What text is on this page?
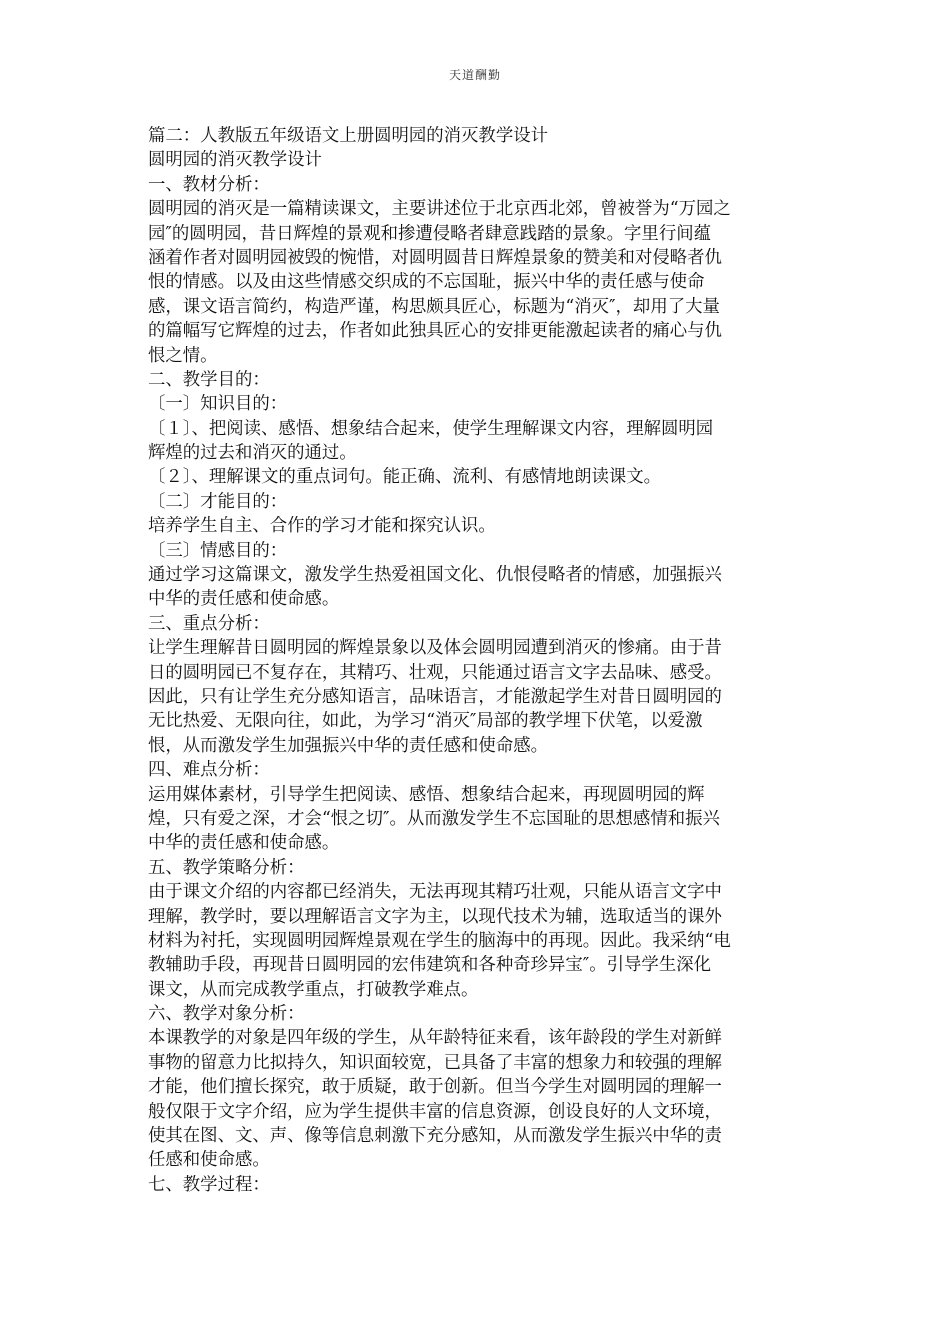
天道酬勤
篇二：人教版五年级语文上册圆明园的消灭教学设计
圆明园的消灭教学设计
一、教材分析：
圆明园的消灭是一篇精读课文，主要讲述位于北京西北郊，曾被誉为“万园之
园″的圆明园，昔日辉煌的景观和掺遭侵略者肆意践踏的景象。字里行间蕴
涵着作者对圆明园被毁的惋惜，对圆明圆昔日辉煌景象的赞美和对侵略者仇
恨的情感。以及由这些情感交织成的不忘国耻，振兴中华的责任感与使命
感，课文语言简约，构造严谨，构思颇具匠心，标题为“消灭″，却用了大量
的篇幅写它辉煌的过去，作者如此独具匠心的安排更能激起读者的痛心与仇
恨之情。
二、教学目的：
〔一〕知识目的：
〔１〕、把阅读、感悟、想象结合起来，使学生理解课文内容，理解圆明园
辉煌的过去和消灭的通过。
〔２〕、理解课文的重点词句。能正确、流利、有感情地朗读课文。
〔二〕才能目的：
培养学生自主、合作的学习才能和探究认识。
〔三〕情感目的：
通过学习这篇课文，激发学生热爱祖国文化、仇恨侵略者的情感，加强振兴
中华的责任感和使命感。
三、重点分析：
让学生理解昔日圆明园的辉煌景象以及体会圆明园遭到消灭的惨痛。由于昔
日的圆明园已不复存在，其精巧、壮观，只能通过语言文字去品味、感受。
因此，只有让学生充分感知语言，品味语言，才能激起学生对昔日圆明园的
无比热爱、无限向往，如此，为学习“消灭″局部的教学埋下伏笔，以爱激
恨，从而激发学生加强振兴中华的责任感和使命感。
四、难点分析：
运用媒体素材，引导学生把阅读、感悟、想象结合起来，再现圆明园的辉
煌，只有爱之深，才会“恨之切″。从而激发学生不忘国耻的思想感情和振兴
中华的责任感和使命感。
五、教学策略分析：
由于课文介绍的内容都已经消失，无法再现其精巧壮观，只能从语言文字中
理解，教学时，要以理解语言文字为主，以现代技术为辅，选取适当的课外
材料为衬托，实现圆明园辉煌景观在学生的脑海中的再现。因此。我采纳“电
教辅助手段，再现昔日圆明园的宏伟建筑和各种奇珍异宝″。引导学生深化
课文，从而完成教学重点，打破教学难点。
六、教学对象分析：
本课教学的对象是四年级的学生，从年龄特征来看，该年龄段的学生对新鲜
事物的留意力比拟持久，知识面较宽，已具备了丰富的想象力和较强的理解
才能，他们擅长探究，敢于质疑，敢于创新。但当今学生对圆明园的理解一
般仅限于文字介绍，应为学生提供丰富的信息资源，创设良好的人文环境，
使其在图、文、声、像等信息刺激下充分感知，从而激发学生振兴中华的责
任感和使命感。
七、教学过程：
